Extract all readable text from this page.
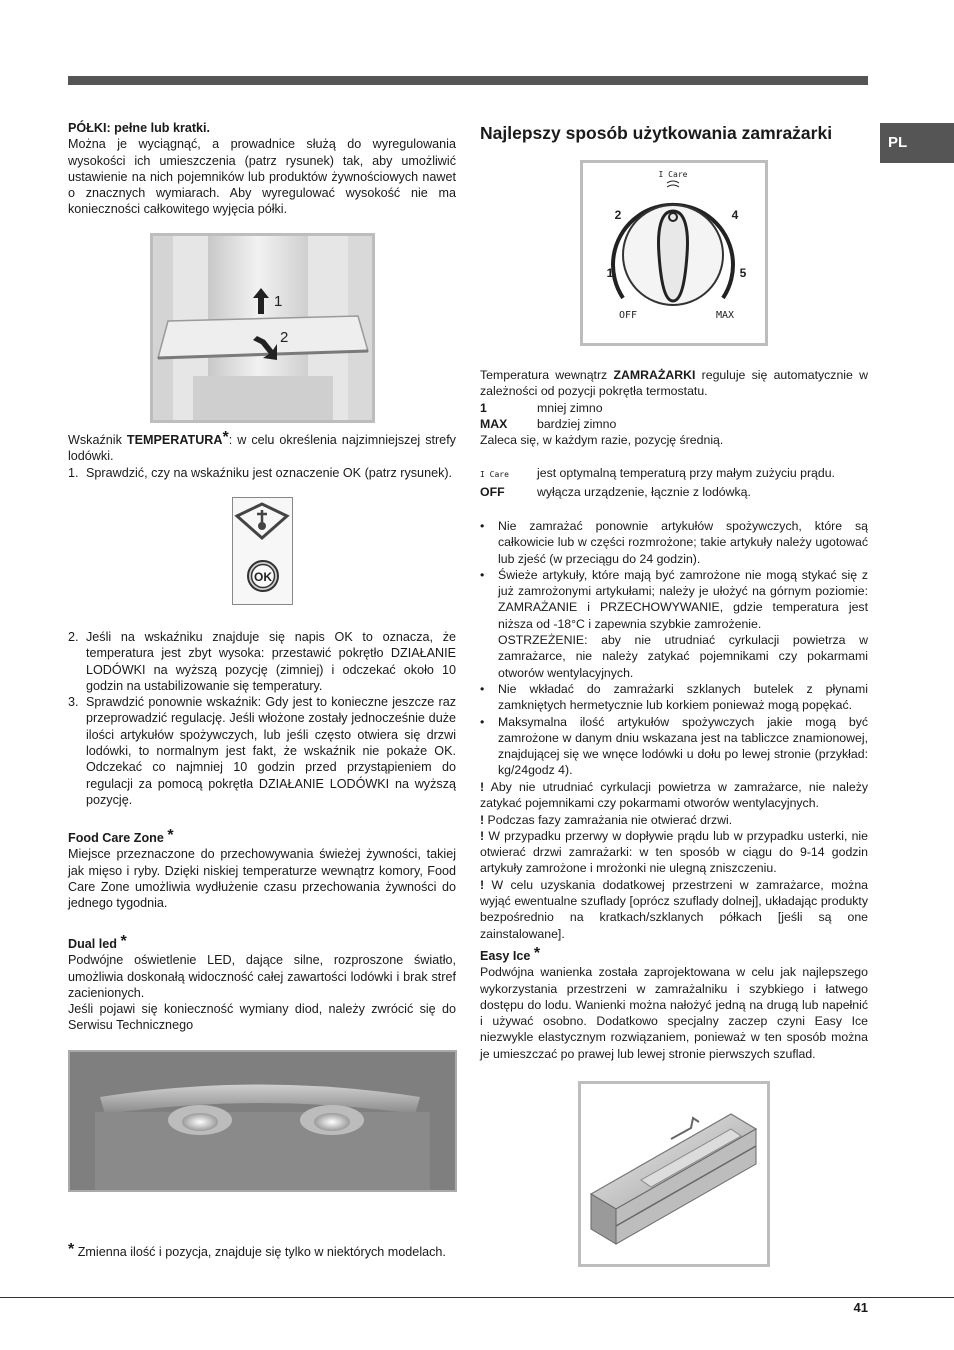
PL

PÓŁKI: pełne lub kratki.

Można je wyciągnąć, a prowadnice służą do wyregulowania wysokości ich umieszczenia (patrz rysunek) tak, aby umożliwić ustawienie na nich pojemników lub produktów żywnościowych nawet o znacznych wymiarach. Aby wyregulować wysokość nie ma konieczności całkowitego wyjęcia półki.

1
2

Wskaźnik TEMPERATURA*: w celu określenia najzimniejszej strefy lodówki.

1. Sprawdzić, czy na wskaźniku jest oznaczenie OK (patrz rysunek).
OK
2. Jeśli na wskaźniku znajduje się napis OK to oznacza, że temperatura jest zbyt wysoka: przestawić pokrętło DZIAŁANIE LODÓWKI na wyższą pozycję (zimniej) i odczekać około 10 godzin na ustabilizowanie się temperatury.
3. Sprawdzić ponownie wskaźnik: Gdy jest to konieczne jeszcze raz przeprowadzić regulację. Jeśli włożone zostały jednocześnie duże ilości artykułów spożywczych, lub jeśli często otwiera się drzwi lodówki, to normalnym jest fakt, że wskaźnik nie pokaże OK. Odczekać co najmniej 10 godzin przed przystąpieniem do regulacji za pomocą pokrętła DZIAŁANIE LODÓWKI na wyższą pozycję.

Food Care Zone *

Miejsce przeznaczone do przechowywania świeżej żywności, takiej jak mięso i ryby. Dzięki niskiej temperaturze wewnątrz komory, Food Care Zone umożliwia wydłużenie czasu przechowania żywności do jednego tygodnia.

Dual led *

Podwójne oświetlenie LED, dające silne, rozproszone światło, umożliwia doskonałą widoczność całej zawartości lodówki i brak stref zacienionych.

Jeśli pojawi się konieczność wymiany diod, należy zwrócić się do Serwisu Technicznego

* Zmienna ilość i pozycja, znajduje się tylko w niektórych modelach.
Najlepszy sposób użytkowania zamrażarki
I Care
2	4
1	5
OFF	MAX

Temperatura wewnątrz ZAMRAŻARKI reguluje się automatycznie w zależności od pozycji pokrętła termostatu.

1	mniej zimno
MAX	bardziej zimno

Zaleca się, w każdym razie, pozycję średnią.

I Care	jest optymalną temperaturą przy małym zużyciu prądu.
OFF	wyłącza urządzenie, łącznie z lodówką.
• Nie zamrażać ponownie artykułów spożywczych, które są całkowicie lub w części rozmrożone; takie artykuły należy ugotować lub zjeść (w przeciągu do 24 godzin).
• Świeże artykuły, które mają być zamrożone nie mogą stykać się z już zamrożonymi artykułami; należy je ułożyć na górnym poziomie: ZAMRAŻANIE i PRZECHOWYWANIE, gdzie temperatura jest niższa od -18°C i zapewnia szybkie zamrożenie.
OSTRZEŻENIE: aby nie utrudniać cyrkulacji powietrza w zamrażarce, nie należy zatykać pojemnikami czy pokarmami otworów wentylacyjnych.
• Nie wkładać do zamrażarki szklanych butelek z płynami zamkniętych hermetycznie lub korkiem ponieważ mogą popękać.
• Maksymalna ilość artykułów spożywczych jakie mogą być zamrożone w danym dniu wskazana jest na tabliczce znamionowej, znajdującej się we wnęce lodówki u dołu po lewej stronie (przykład: kg/24godz 4).

! Aby nie utrudniać cyrkulacji powietrza w zamrażarce, nie należy zatykać pojemnikami czy pokarmami otworów wentylacyjnych.

! Podczas fazy zamrażania nie otwierać drzwi.

! W przypadku przerwy w dopływie prądu lub w przypadku usterki, nie otwierać drzwi zamrażarki: w ten sposób w ciągu do 9-14 godzin artykuły zamrożone i mrożonki nie ulegną zniszczeniu.

! W celu uzyskania dodatkowej przestrzeni w zamrażarce, można wyjąć ewentualne szuflady [oprócz szuflady dolnej], układając produkty bezpośrednio na kratkach/szklanych półkach [jeśli są one zainstalowane].

Easy Ice *

Podwójna wanienka została zaprojektowana w celu jak najlepszego wykorzystania przestrzeni w zamrażalniku i szybkiego i łatwego dostępu do lodu. Wanienki można nałożyć jedną na drugą lub napełnić i używać osobno. Dodatkowo specjalny zaczep czyni Easy Ice niezwykle elastycznym rozwiązaniem, ponieważ w ten sposób można je umieszczać po prawej lub lewej stronie pierwszych szuflad.

41
